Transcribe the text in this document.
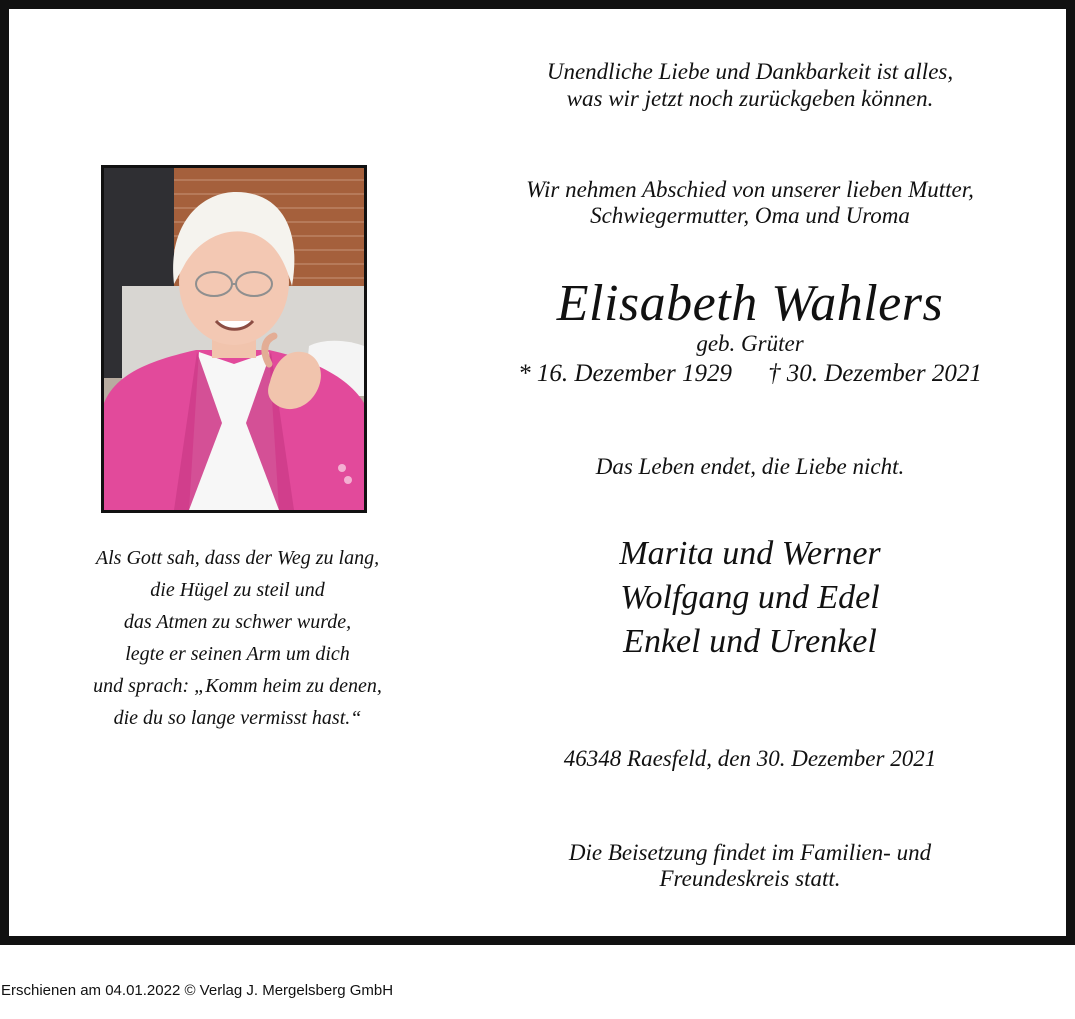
Unendliche Liebe und Dankbarkeit ist alles,
was wir jetzt noch zurückgeben können.
Wir nehmen Abschied von unserer lieben Mutter,
Schwiegermutter, Oma und Uroma
Elisabeth Wahlers
geb. Grüter
* 16. Dezember 1929 † 30. Dezember 2021
Das Leben endet, die Liebe nicht.
Marita und Werner
Wolfgang und Edel
Enkel und Urenkel
46348 Raesfeld, den 30. Dezember 2021
Die Beisetzung findet im Familien- und
Freundeskreis statt.
Als Gott sah, dass der Weg zu lang,
die Hügel zu steil und
das Atmen zu schwer wurde,
legte er seinen Arm um dich
und sprach: „Komm heim zu denen,
die du so lange vermisst hast.“
Erschienen am 04.01.2022 © Verlag J. Mergelsberg GmbH
